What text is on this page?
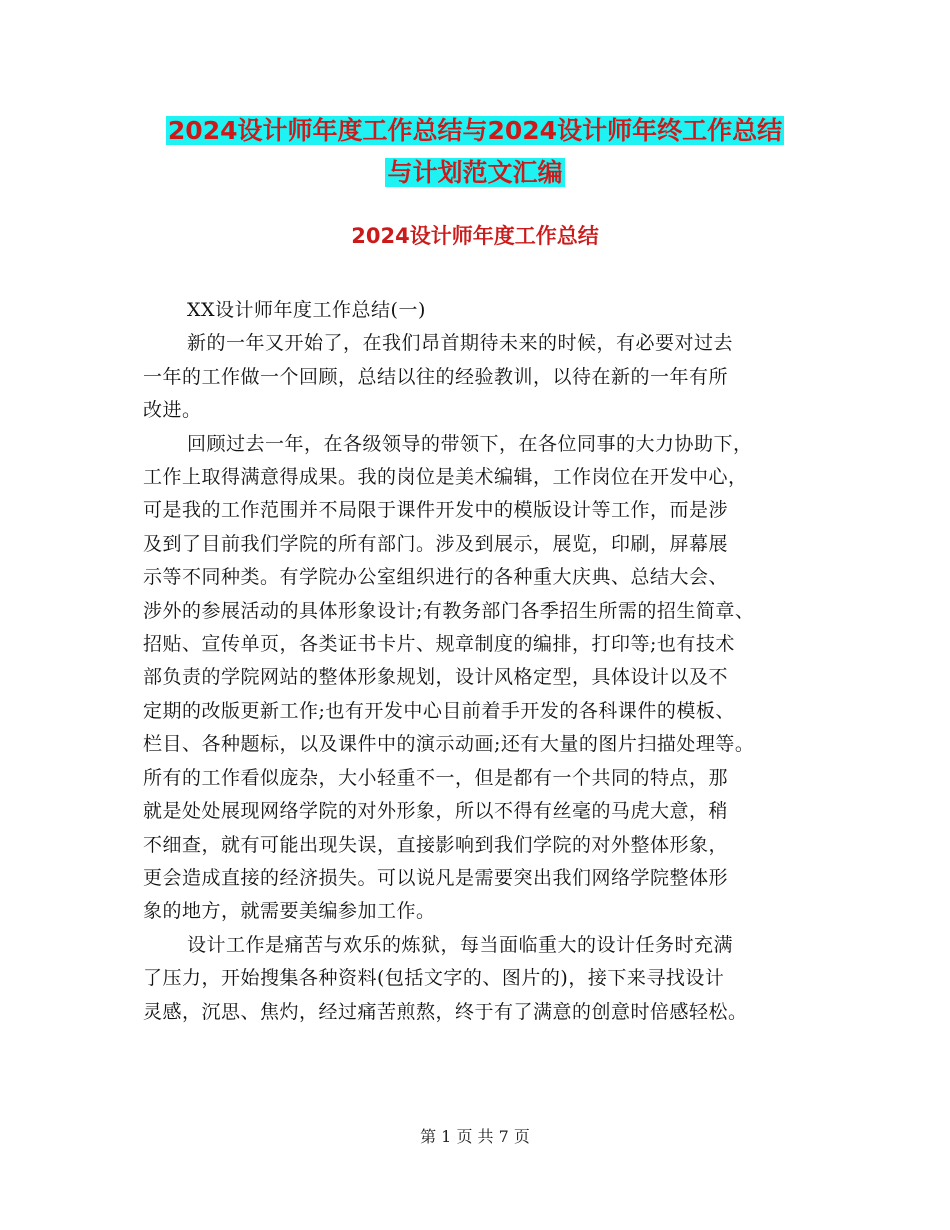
2024设计师年度工作总结与2024设计师年终工作总结
与计划范文汇编
2024设计师年度工作总结
XX设计师年度工作总结(一)
新的一年又开始了，在我们昂首期待未来的时候，有必要对过去
一年的工作做一个回顾，总结以往的经验教训，以待在新的一年有所
改进。
回顾过去一年，在各级领导的带领下，在各位同事的大力协助下，
工作上取得满意得成果。我的岗位是美术编辑，工作岗位在开发中心，
可是我的工作范围并不局限于课件开发中的模版设计等工作，而是涉
及到了目前我们学院的所有部门。涉及到展示，展览，印刷，屏幕展
示等不同种类。有学院办公室组织进行的各种重大庆典、总结大会、
涉外的参展活动的具体形象设计;有教务部门各季招生所需的招生简章、
招贴、宣传单页，各类证书卡片、规章制度的编排，打印等;也有技术
部负责的学院网站的整体形象规划，设计风格定型，具体设计以及不
定期的改版更新工作;也有开发中心目前着手开发的各科课件的模板、
栏目、各种题标，以及课件中的演示动画;还有大量的图片扫描处理等。
所有的工作看似庞杂，大小轻重不一，但是都有一个共同的特点，那
就是处处展现网络学院的对外形象，所以不得有丝毫的马虎大意，稍
不细查，就有可能出现失误，直接影响到我们学院的对外整体形象，
更会造成直接的经济损失。可以说凡是需要突出我们网络学院整体形
象的地方，就需要美编参加工作。
设计工作是痛苦与欢乐的炼狱，每当面临重大的设计任务时充满
了压力，开始搜集各种资料(包括文字的、图片的)，接下来寻找设计
灵感，沉思、焦灼，经过痛苦煎熬，终于有了满意的创意时倍感轻松。
第 1 页 共 7 页
